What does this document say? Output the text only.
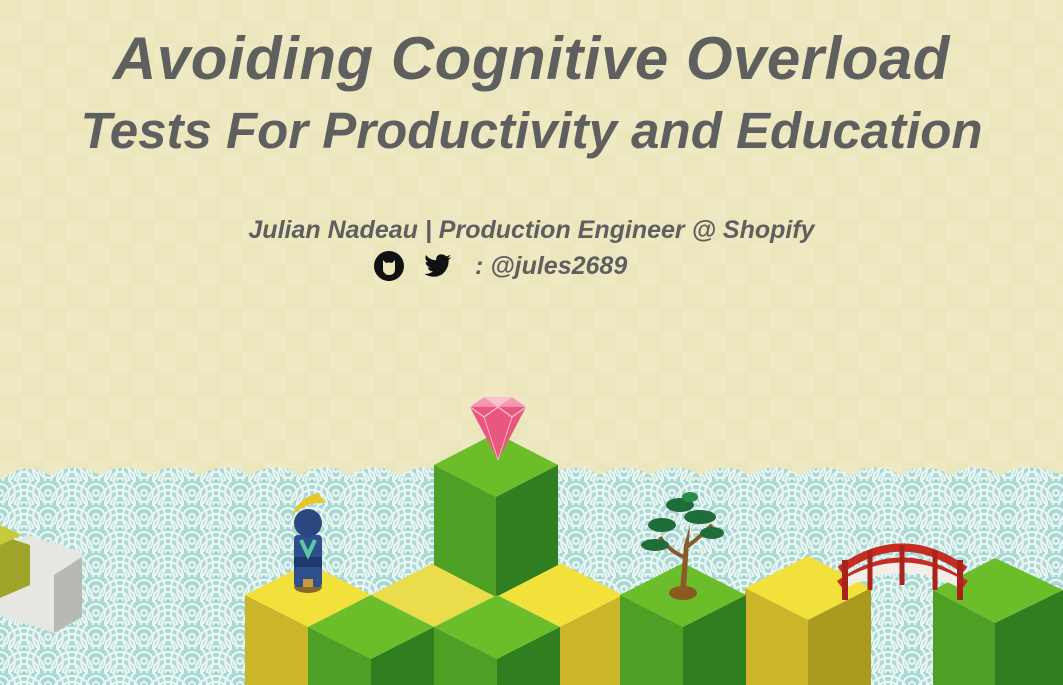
Avoiding Cognitive Overload
Tests For Productivity and Education
Julian Nadeau | Production Engineer @ Shopify
: @jules2689
